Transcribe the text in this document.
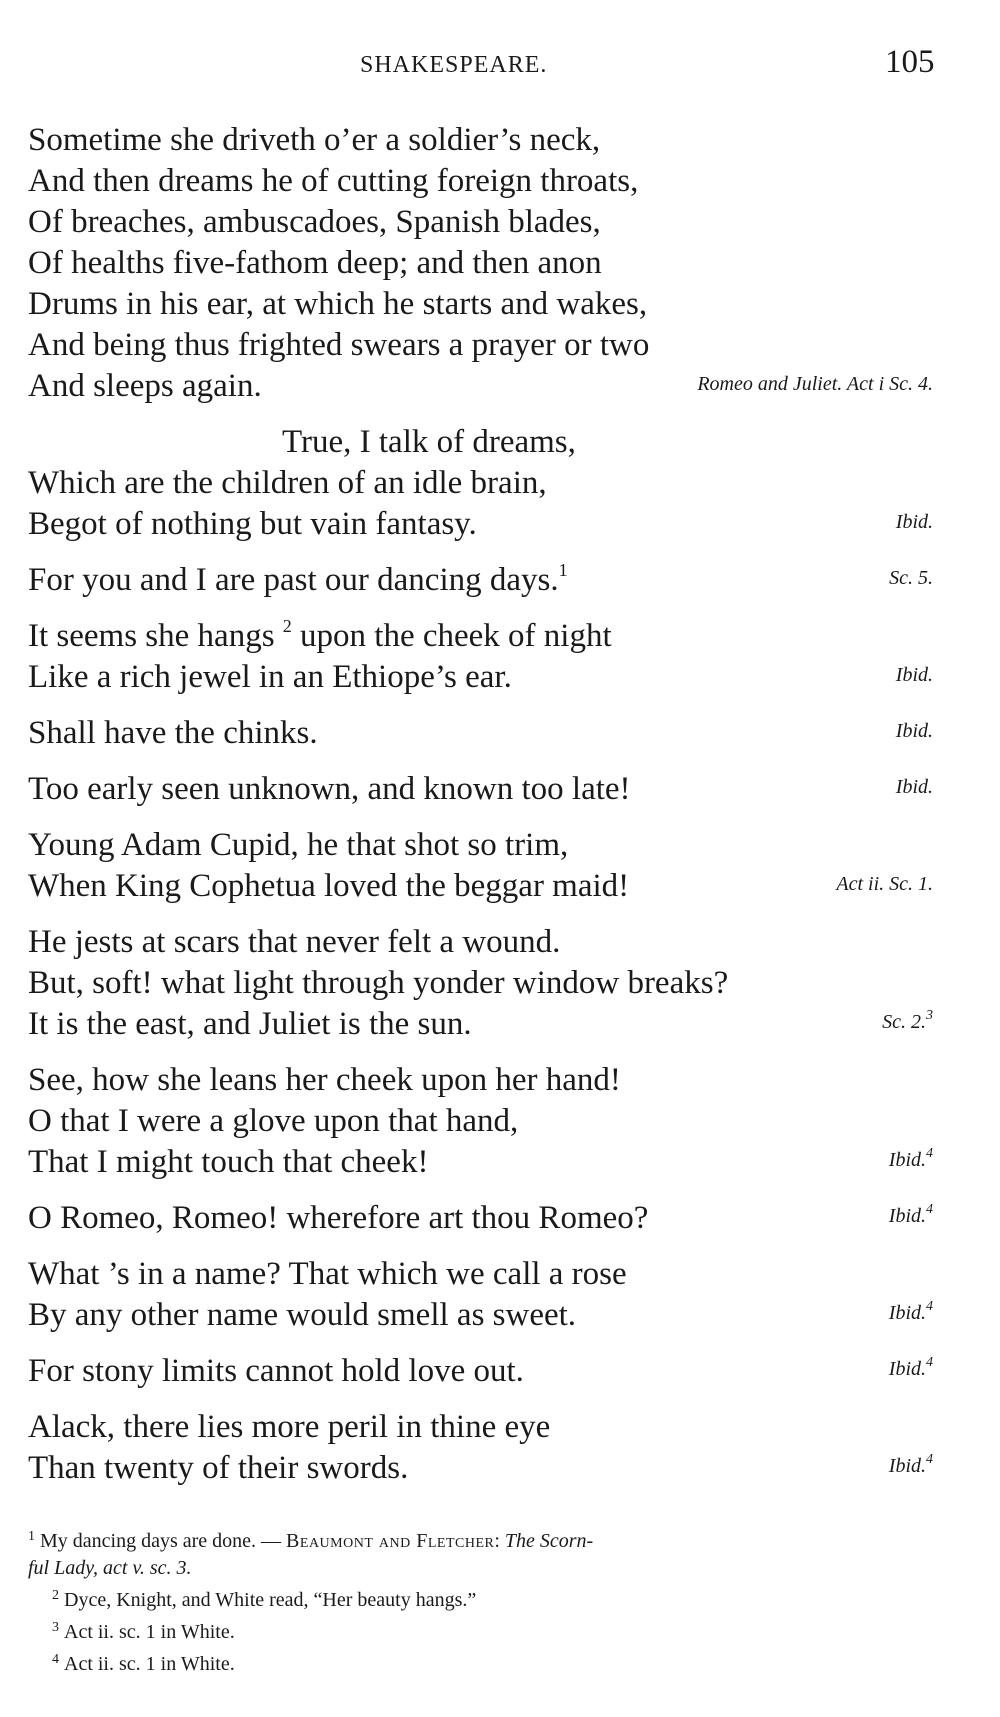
SHAKESPEARE.	105
Sometime she driveth o’er a soldier’s neck,
And then dreams he of cutting foreign throats,
Of breaches, ambuscadoes, Spanish blades,
Of healths five-fathom deep; and then anon
Drums in his ear, at which he starts and wakes,
And being thus frighted swears a prayer or two
And sleeps again.	Romeo and Juliet. Act i Sc. 4.
True, I talk of dreams,
Which are the children of an idle brain,
Begot of nothing but vain fantasy.	Ibid.
For you and I are past our dancing days.$^1$	Sc. 5.
It seems she hangs $^2$ upon the cheek of night
Like a rich jewel in an Ethiope’s ear.	Ibid.
Shall have the chinks.	Ibid.
Too early seen unknown, and known too late!	Ibid.
Young Adam Cupid, he that shot so trim,
When King Cophetua loved the beggar maid!	Act ii. Sc. 1.
He jests at scars that never felt a wound.
But, soft! what light through yonder window breaks?
It is the east, and Juliet is the sun.	Sc. 2.$^3$
See, how she leans her cheek upon her hand!
O that I were a glove upon that hand,
That I might touch that cheek!	Ibid.$^4$
O Romeo, Romeo! wherefore art thou Romeo?	Ibid.$^4$
What ’s in a name? That which we call a rose
By any other name would smell as sweet.	Ibid.$^4$
For stony limits cannot hold love out.	Ibid.$^4$
Alack, there lies more peril in thine eye
Than twenty of their swords.	Ibid.$^4$
$^1$ My dancing days are done. — Beaumont and Fletcher: The Scorn-
ful Lady, act v. sc. 3.
$^2$ Dyce, Knight, and White read, “Her beauty hangs.”
$^3$ Act ii. sc. 1 in White.
$^4$ Act ii. sc. 1 in White.
